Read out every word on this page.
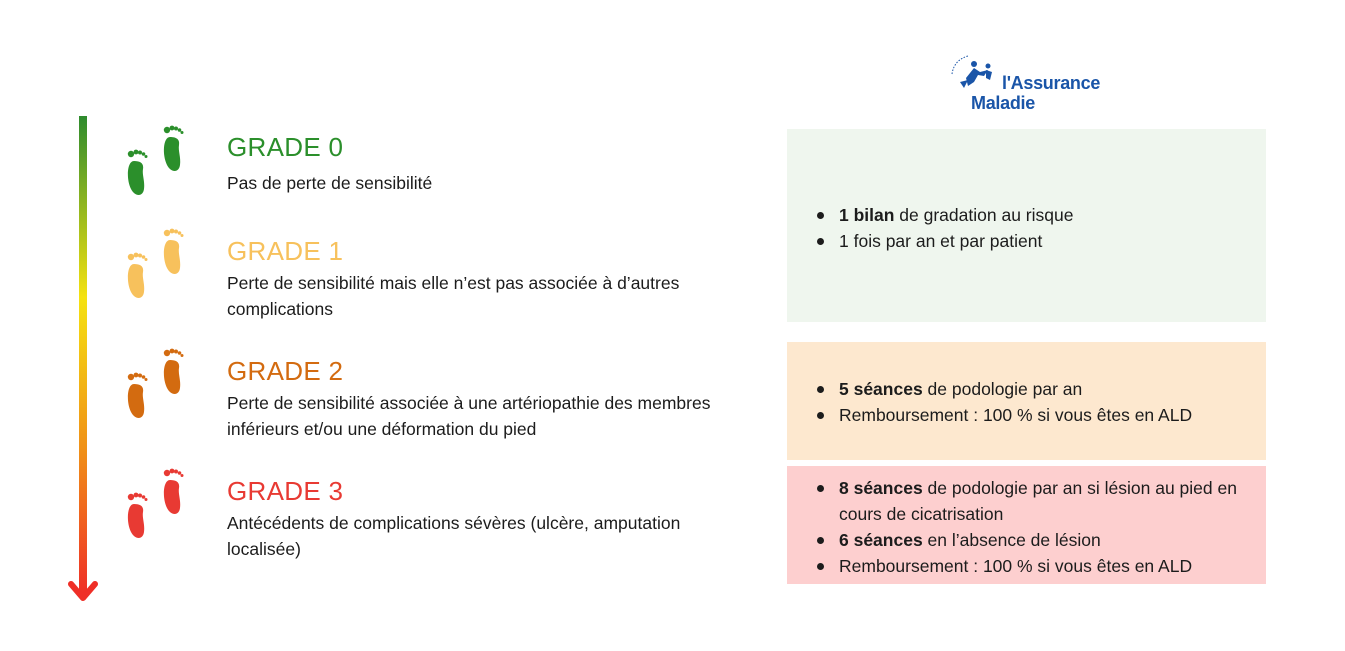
l'Assurance
Maladie
GRADE 0
Pas de perte de sensibilité
GRADE 1
Perte de sensibilité mais elle n’est pas associée à d’autres complications
GRADE 2
Perte de sensibilité associée à une artériopathie des membres inférieurs et/ou une déformation du pied
GRADE 3
Antécédents de complications sévères (ulcère, amputation localisée)
1 bilan de gradation au risque
1 fois par an et par patient
5 séances de podologie par an
Remboursement : 100 % si vous êtes en ALD
8 séances de podologie par an si lésion au pied en cours de cicatrisation
6 séances en l’absence de lésion
Remboursement : 100 % si vous êtes en ALD
